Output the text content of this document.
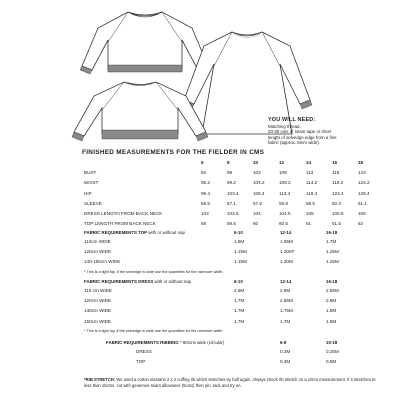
YOU WILL NEED:
Matching thread.
20-30 cms of seam tape or short
length of selvedge edge from a fine
fabric (approx. 5mm wide).
FINISHED MEASUREMENTS FOR THE FIELDER IN CMS
6	8	10	12	14	16	18
BUST	94	98	103	108	113	118	123
WAIST	95.2	99.2	104.2	109.2	114.2	119.2	124.2
HIP	99.4	103.4	108.4	113.4	118.4	123.4	128.4
SLEEVE	56.5	57.1	57.9	58.9	59.5	60.3	61.1
DRESS LENGTH FROM BACK NECK	103	103.5	104	104.5	105	105.5	106
TOP LENGTH FROM BACK NECK	59	59.5	60	60.5	61	61.5	62
FABRIC REQUIREMENTS TOP with or without nap	6-10	12-14	16-18
110cm WIDE	1.6M	1.65M	1.7M
120cm WIDE	1.15M	1.20M*	1.25M
140-150cm WIDE	1.15M	1.20M	1.25M
* This is a tight fay, if the selvedge is wide use the quantities for the narrower width.
FABRIC REQUIREMENTS DRESS with or without nap	6-10	12-14	16-18
110 cm WIDE	2.6M	2.8M	2.85M
120cm WIDE	1.7M	2.65M	2.8M
140cm WIDE	1.7M	1.75M	1.8M
150cm WIDE	1.7M	1.7M	1.8M
* This is a tight lay, if the selvedge is wide use the quantities for the narrower width.
FABRIC REQUIREMENTS RIBBING * 90cms wide (circular)	6-8	10-18
DRESS	0.2M	0.25M
TOP	0.4M	0.5M
*RIB STRETCH: We used a cotton elastane 2 x 2 cuffing rib which stretches by half again. Always check rib stretch on a 10cm measurement. If it stretches to less than 15cms, cut with generous seam allowance (5cms) then pin, tack and try on.
